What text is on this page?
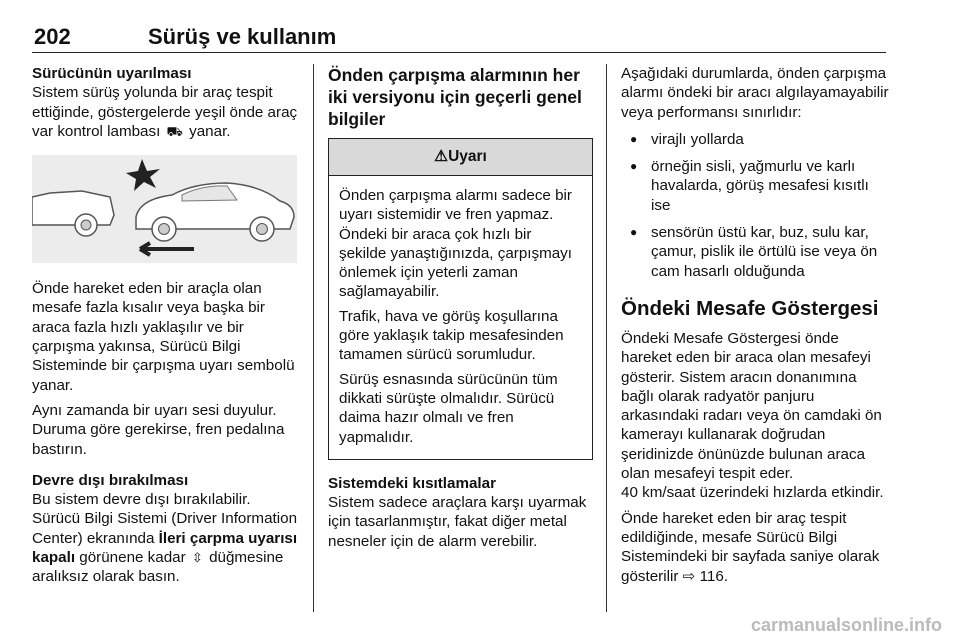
202	Sürüş ve kullanım

Sürücünün uyarılması

Sistem sürüş yolunda bir araç tespit ettiğinde, göstergelerde yeşil önde araç var kontrol lambası ⛟ yanar.

Önde hareket eden bir araçla olan mesafe fazla kısalır veya başka bir araca fazla hızlı yaklaşılır ve bir çarpışma yakınsa, Sürücü Bilgi Sisteminde bir çarpışma uyarı sembolü yanar.

Aynı zamanda bir uyarı sesi duyulur. Duruma göre gerekirse, fren pedalına bastırın.

Devre dışı bırakılması

Bu sistem devre dışı bırakılabilir. Sürücü Bilgi Sistemi (Driver Information Center) ekranında İleri çarpma uyarısı kapalı görünene kadar ⇳ düğmesine aralıksız olarak basın.

Önden çarpışma alarmının her iki versiyonu için geçerli genel bilgiler
⚠ Uyarı

Önden çarpışma alarmı sadece bir uyarı sistemidir ve fren yapmaz. Öndeki bir araca çok hızlı bir şekilde yanaştığınızda, çarpışmayı önlemek için yeterli zaman sağlamayabilir.

Trafik, hava ve görüş koşullarına göre yaklaşık takip mesafesinden tamamen sürücü sorumludur.

Sürüş esnasında sürücünün tüm dikkati sürüşte olmalıdır. Sürücü daima hazır olmalı ve fren yapmalıdır.

Sistemdeki kısıtlamalar

Sistem sadece araçlara karşı uyarmak için tasarlanmıştır, fakat diğer metal nesneler için de alarm verebilir.

Aşağıdaki durumlarda, önden çarpışma alarmı öndeki bir aracı algılayamayabilir veya performansı sınırlıdır:

● virajlı yollarda
● örneğin sisli, yağmurlu ve karlı havalarda, görüş mesafesi kısıtlı ise
● sensörün üstü kar, buz, sulu kar, çamur, pislik ile örtülü ise veya ön cam hasarlı olduğunda
Öndeki Mesafe Göstergesi

Öndeki Mesafe Göstergesi önde hareket eden bir araca olan mesafeyi gösterir. Sistem aracın donanımına bağlı olarak radyatör panjuru arkasındaki radarı veya ön camdaki ön kamerayı kullanarak doğrudan şeridinizde önünüzde bulunan araca olan mesafeyi tespit eder.

40 km/saat üzerindeki hızlarda etkindir.

Önde hareket eden bir araç tespit edildiğinde, mesafe Sürücü Bilgi Sistemindeki bir sayfada saniye olarak gösterilir ⇨ 116.

carmanualsonline.info
